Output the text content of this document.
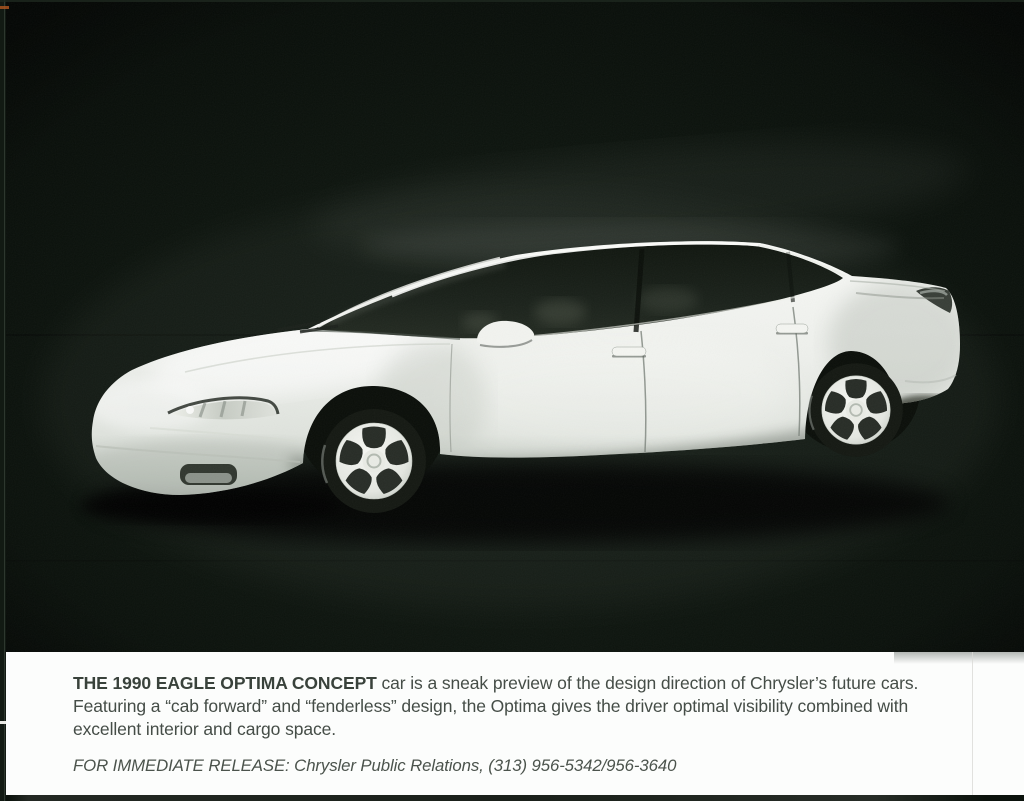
THE 1990 EAGLE OPTIMA CONCEPT car is a sneak preview of the design direction of Chrysler’s future cars.

Featuring a “cab forward” and “fenderless” design, the Optima gives the driver optimal visibility combined with

excellent interior and cargo space.

FOR IMMEDIATE RELEASE: Chrysler Public Relations, (313) 956-5342/956-3640
